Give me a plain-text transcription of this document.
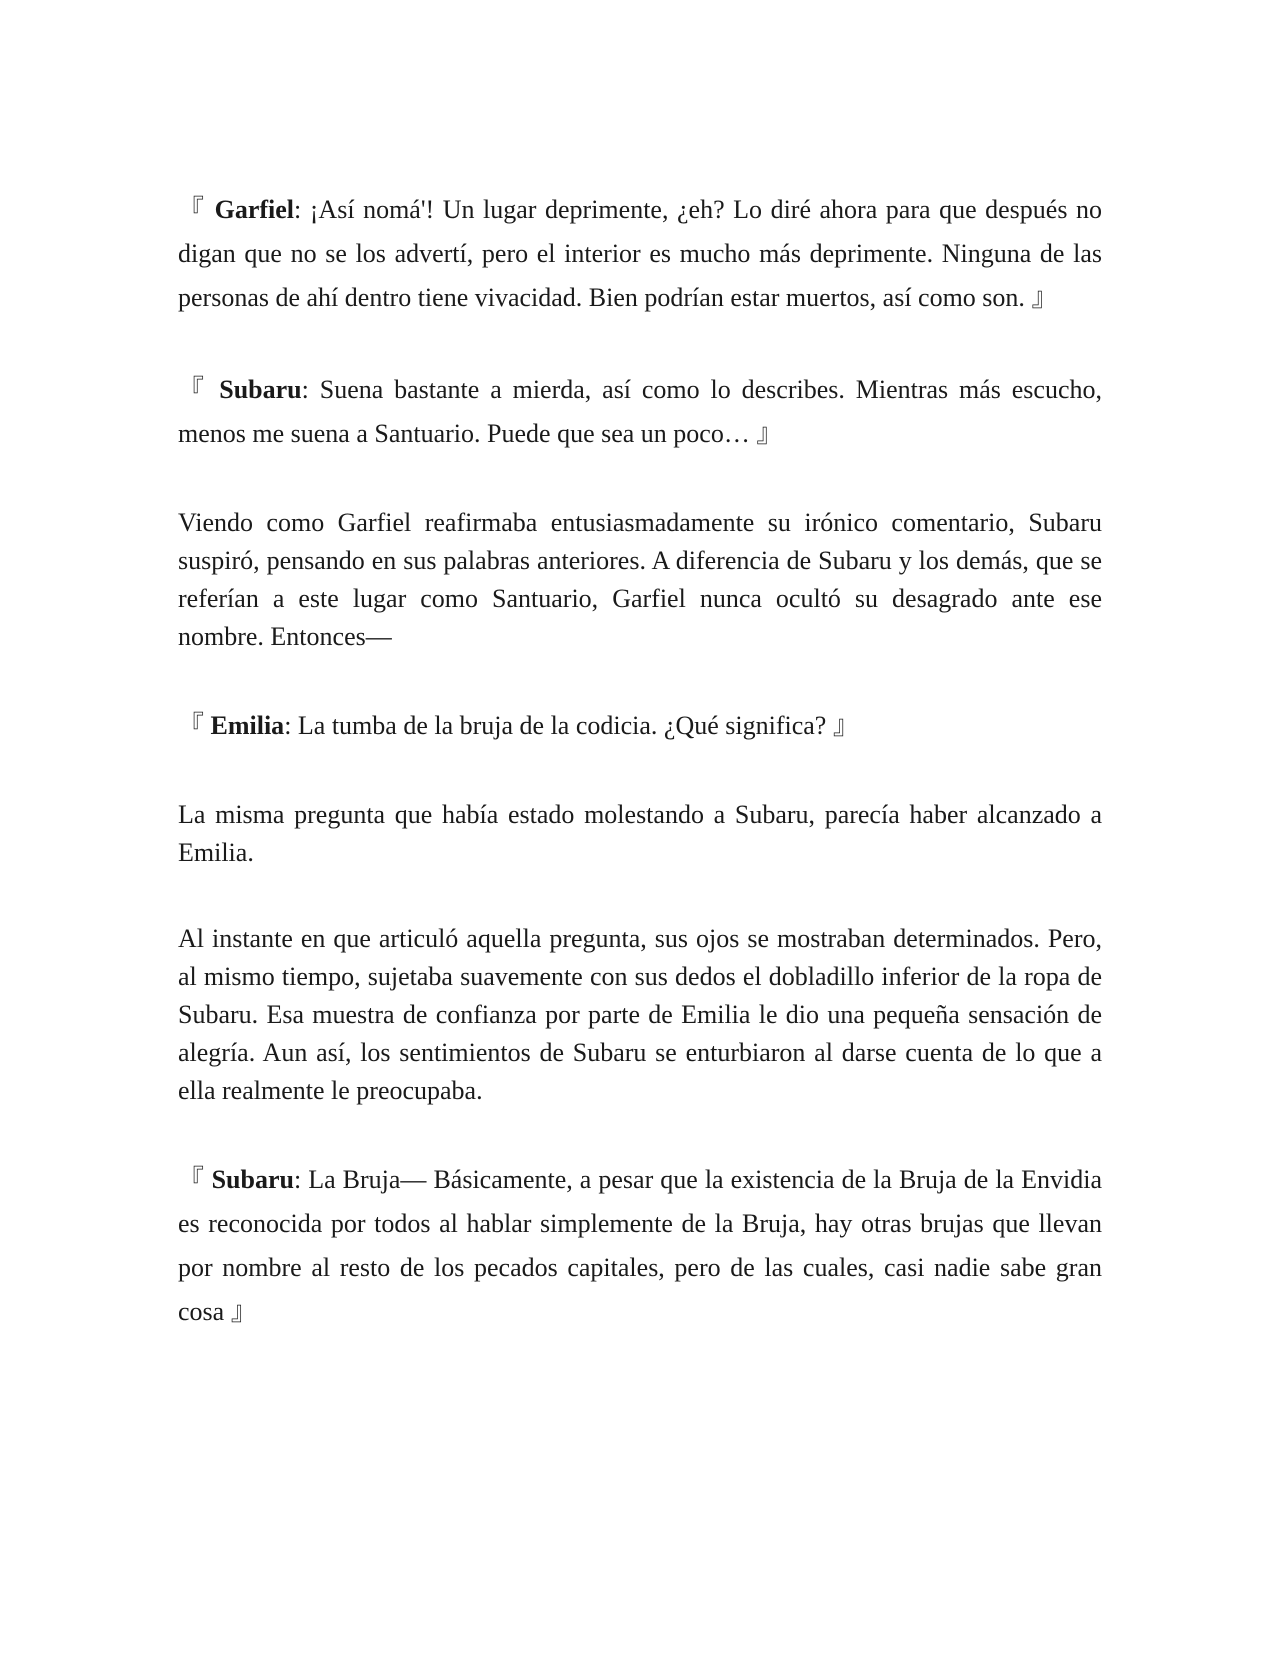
『 Garfiel: ¡Así nomá'! Un lugar deprimente, ¿eh? Lo diré ahora para que después no digan que no se los advertí, pero el interior es mucho más deprimente. Ninguna de las personas de ahí dentro tiene vivacidad. Bien podrían estar muertos, así como son. 』

『 Subaru: Suena bastante a mierda, así como lo describes. Mientras más escucho, menos me suena a Santuario. Puede que sea un poco… 』

Viendo como Garfiel reafirmaba entusiasmadamente su irónico comentario, Subaru suspiró, pensando en sus palabras anteriores. A diferencia de Subaru y los demás, que se referían a este lugar como Santuario, Garfiel nunca ocultó su desagrado ante ese nombre. Entonces—

『 Emilia: La tumba de la bruja de la codicia. ¿Qué significa? 』

La misma pregunta que había estado molestando a Subaru, parecía haber alcanzado a Emilia.

Al instante en que articuló aquella pregunta, sus ojos se mostraban determinados. Pero, al mismo tiempo, sujetaba suavemente con sus dedos el dobladillo inferior de la ropa de Subaru. Esa muestra de confianza por parte de Emilia le dio una pequeña sensación de alegría. Aun así, los sentimientos de Subaru se enturbiaron al darse cuenta de lo que a ella realmente le preocupaba.

『 Subaru: La Bruja— Básicamente, a pesar que la existencia de la Bruja de la Envidia es reconocida por todos al hablar simplemente de la Bruja, hay otras brujas que llevan por nombre al resto de los pecados capitales, pero de las cuales, casi nadie sabe gran cosa 』
